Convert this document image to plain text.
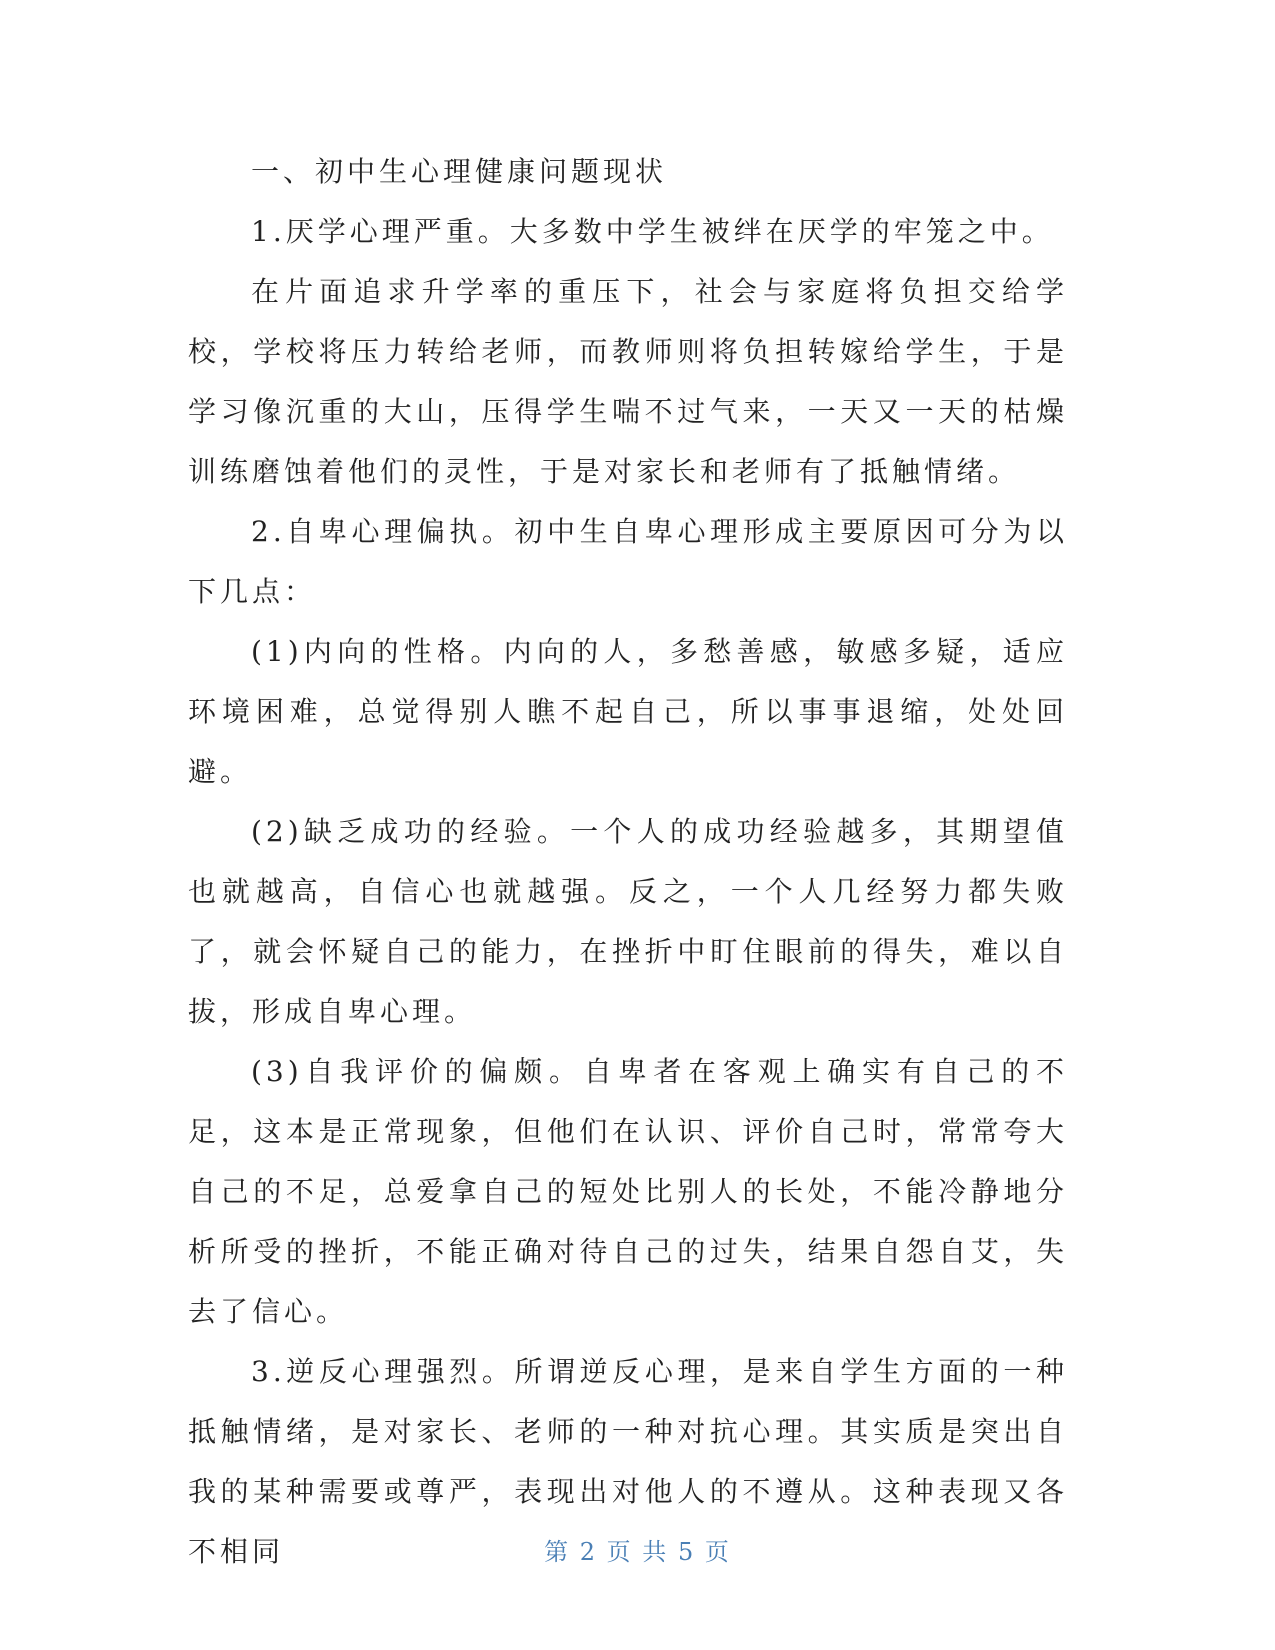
一、初中生心理健康问题现状

1.厌学心理严重。大多数中学生被绊在厌学的牢笼之中。

在片面追求升学率的重压下，社会与家庭将负担交给学校，学校将压力转给老师，而教师则将负担转嫁给学生，于是学习像沉重的大山，压得学生喘不过气来，一天又一天的枯燥训练磨蚀着他们的灵性，于是对家长和老师有了抵触情绪。

2.自卑心理偏执。初中生自卑心理形成主要原因可分为以下几点：

(1)内向的性格。内向的人，多愁善感，敏感多疑，适应环境困难，总觉得别人瞧不起自己，所以事事退缩，处处回避。

(2)缺乏成功的经验。一个人的成功经验越多，其期望值也就越高，自信心也就越强。反之，一个人几经努力都失败了，就会怀疑自己的能力，在挫折中盯住眼前的得失，难以自拔，形成自卑心理。

(3)自我评价的偏颇。自卑者在客观上确实有自己的不足，这本是正常现象，但他们在认识、评价自己时，常常夸大自己的不足，总爱拿自己的短处比别人的长处，不能冷静地分析所受的挫折，不能正确对待自己的过失，结果自怨自艾，失去了信心。

3.逆反心理强烈。所谓逆反心理，是来自学生方面的一种抵触情绪，是对家长、老师的一种对抗心理。其实质是突出自我的某种需要或尊严，表现出对他人的不遵从。这种表现又各不相同	第 2 页 共 5 页
